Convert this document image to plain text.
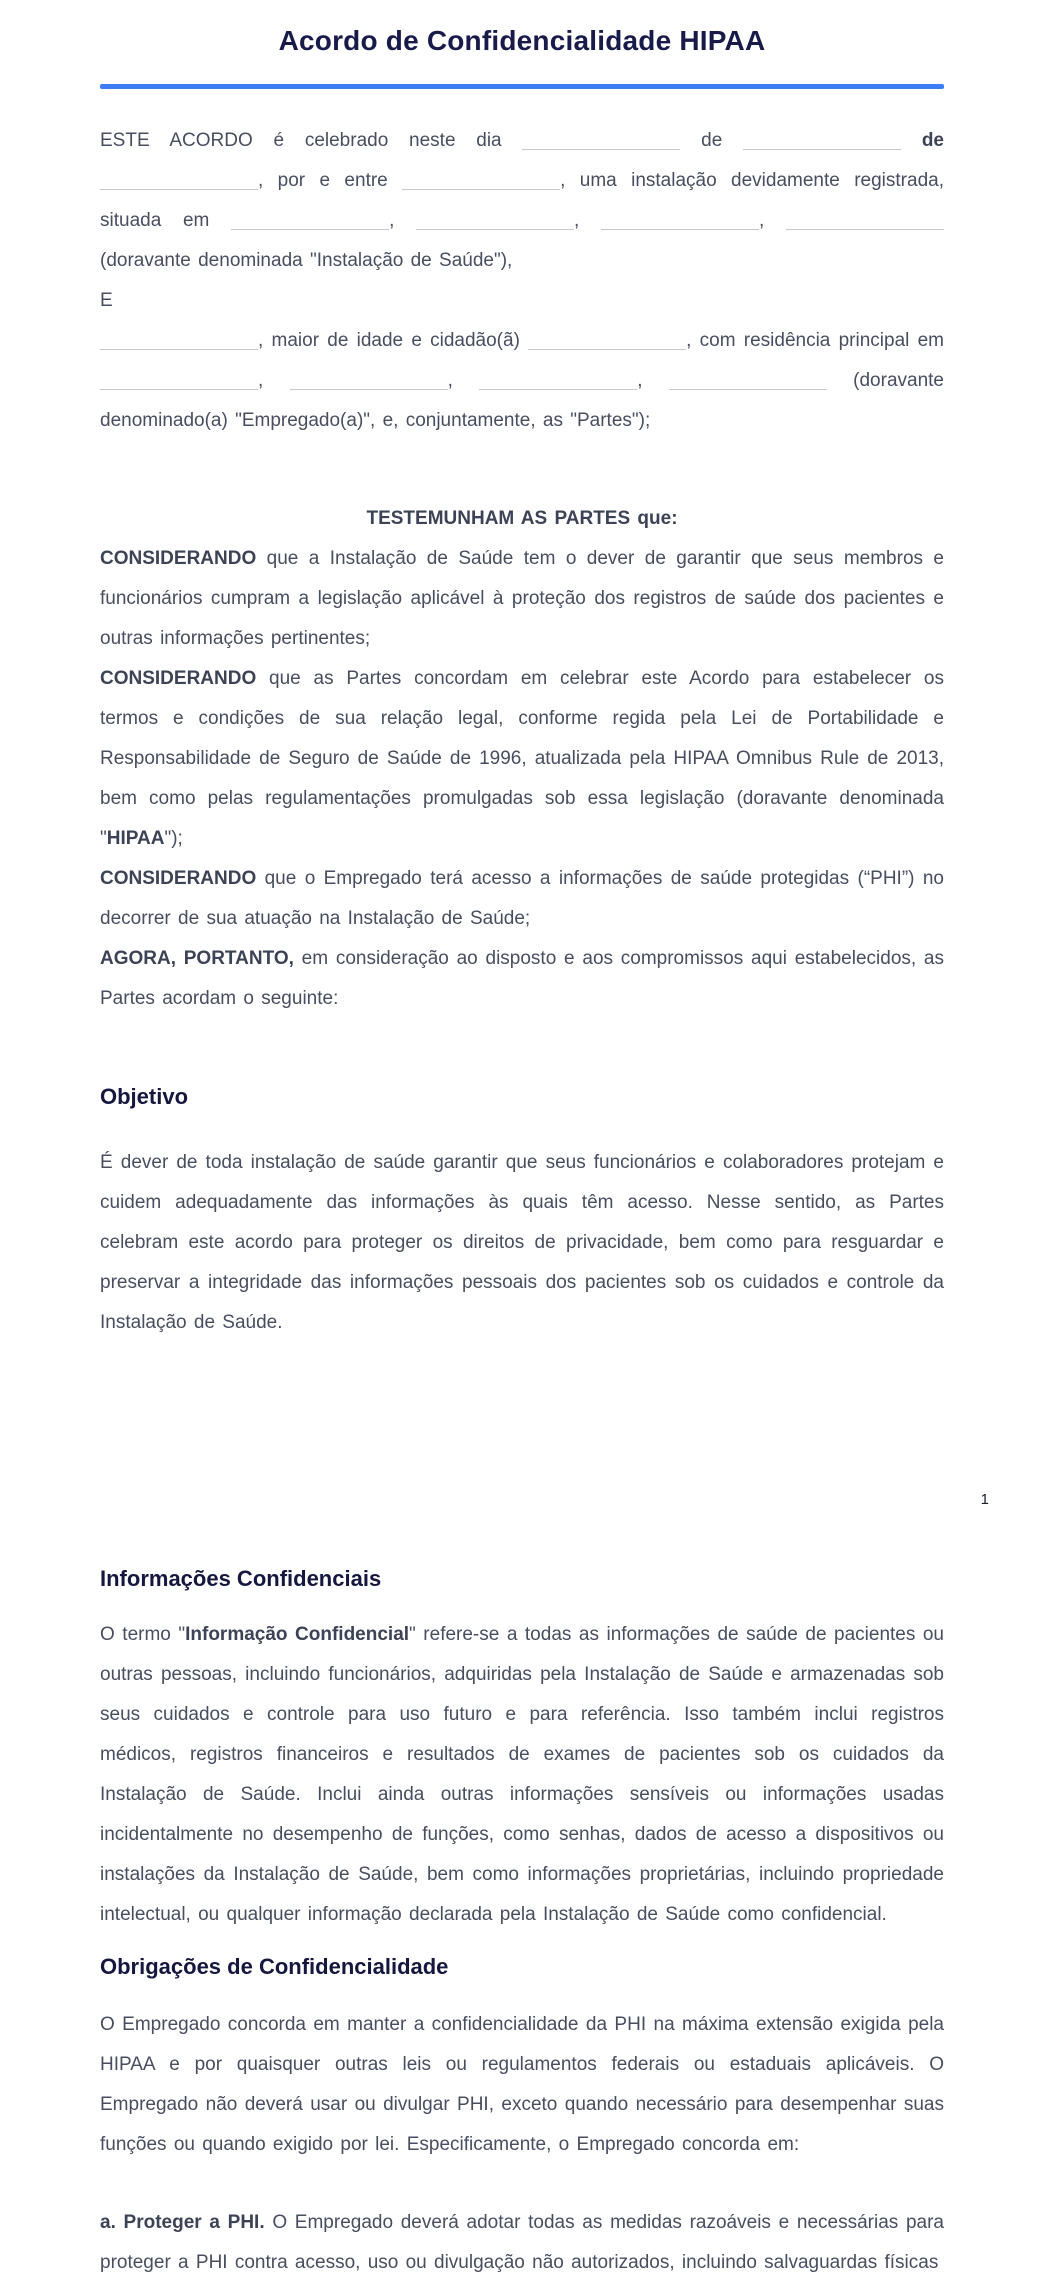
Acordo de Confidencialidade HIPAA
ESTE ACORDO é celebrado neste dia	de	de , por e entre	, uma instalação devidamente registrada, situada em	,	,	,  (doravante denominada "Instalação de Saúde"),
E
, maior de idade e cidadão(ã)	, com residência principal em ,	,	,	(doravante denominado(a) "Empregado(a)", e, conjuntamente, as "Partes");
TESTEMUNHAM AS PARTES que:
CONSIDERANDO que a Instalação de Saúde tem o dever de garantir que seus membros e funcionários cumpram a legislação aplicável à proteção dos registros de saúde dos pacientes e outras informações pertinentes;
CONSIDERANDO que as Partes concordam em celebrar este Acordo para estabelecer os termos e condições de sua relação legal, conforme regida pela Lei de Portabilidade e Responsabilidade de Seguro de Saúde de 1996, atualizada pela HIPAA Omnibus Rule de 2013, bem como pelas regulamentações promulgadas sob essa legislação (doravante denominada "HIPAA");
CONSIDERANDO que o Empregado terá acesso a informações de saúde protegidas (“PHI”) no decorrer de sua atuação na Instalação de Saúde;
AGORA, PORTANTO, em consideração ao disposto e aos compromissos aqui estabelecidos, as Partes acordam o seguinte:
Objetivo
É dever de toda instalação de saúde garantir que seus funcionários e colaboradores protejam e cuidem adequadamente das informações às quais têm acesso. Nesse sentido, as Partes celebram este acordo para proteger os direitos de privacidade, bem como para resguardar e preservar a integridade das informações pessoais dos pacientes sob os cuidados e controle da Instalação de Saúde.
1
Informações Confidenciais
O termo "Informação Confidencial" refere-se a todas as informações de saúde de pacientes ou outras pessoas, incluindo funcionários, adquiridas pela Instalação de Saúde e armazenadas sob seus cuidados e controle para uso futuro e para referência. Isso também inclui registros médicos, registros financeiros e resultados de exames de pacientes sob os cuidados da Instalação de Saúde. Inclui ainda outras informações sensíveis ou informações usadas incidentalmente no desempenho de funções, como senhas, dados de acesso a dispositivos ou instalações da Instalação de Saúde, bem como informações proprietárias, incluindo propriedade intelectual, ou qualquer informação declarada pela Instalação de Saúde como confidencial.
Obrigações de Confidencialidade
O Empregado concorda em manter a confidencialidade da PHI na máxima extensão exigida pela HIPAA e por quaisquer outras leis ou regulamentos federais ou estaduais aplicáveis. O Empregado não deverá usar ou divulgar PHI, exceto quando necessário para desempenhar suas funções ou quando exigido por lei. Especificamente, o Empregado concorda em:
a. Proteger a PHI. O Empregado deverá adotar todas as medidas razoáveis e necessárias para proteger a PHI contra acesso, uso ou divulgação não autorizados, incluindo salvaguardas físicas
